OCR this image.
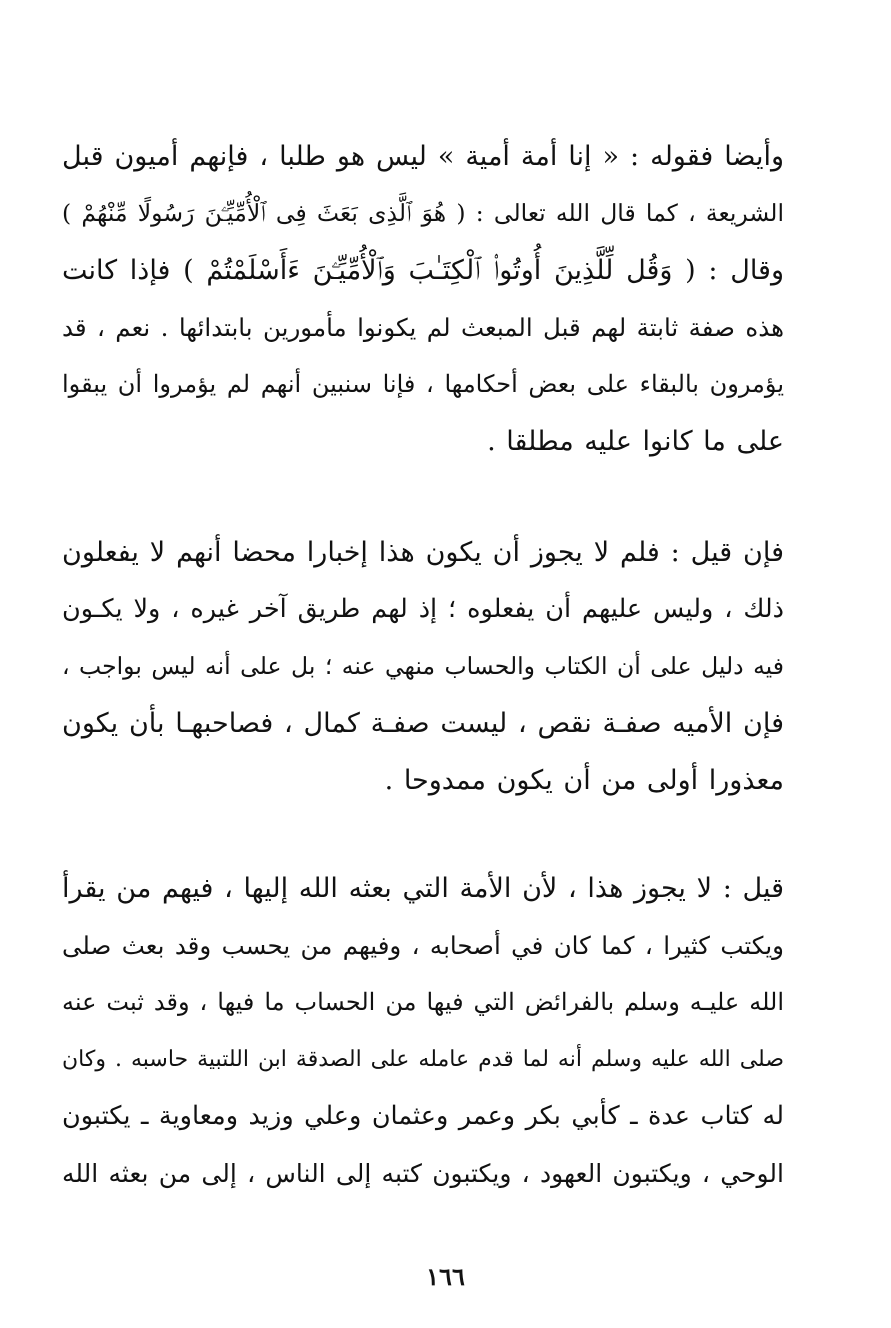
وأيضا فقوله : « إنا أمة أمية » ليس هو طلبا ، فإنهم أميون قبل
الشريعة ، كما قال الله تعالى : ( هُوَ ٱلَّذِى بَعَثَ فِى ٱلْأُمِّيِّـۧنَ رَسُولًا مِّنْهُمْ )
وقال : ( وَقُل لِّلَّذِينَ أُوتُوا۟ ٱلْكِتَـٰبَ وَٱلْأُمِّيِّـۧنَ ءَأَسْلَمْتُمْ ) فإذا كانت
هذه صفة ثابتة لهم قبل المبعث لم يكونوا مأمورين بابتدائها . نعم ، قد
يؤمرون بالبقاء على بعض أحكامها ، فإنا سنبين أنهم لم يؤمروا أن يبقوا
على ما كانوا عليه مطلقا .
فإن قيل : فلم لا يجوز أن يكون هذا إخبارا محضا أنهم لا يفعلون
ذلك ، وليس عليهم أن يفعلوه ؛ إذ لهم طريق آخر غيره ، ولا يكـون
فيه دليل على أن الكتاب والحساب منهي عنه ؛ بل على أنه ليس بواجب ،
فإن الأميه صفـة نقص ، ليست صفـة كمال ، فصاحبهـا بأن يكون
معذورا أولى من أن يكون ممدوحا .
قيل : لا يجوز هذا ، لأن الأمة التي بعثه الله إليها ، فيهم من يقرأ
ويكتب كثيرا ، كما كان في أصحابه ، وفيهم من يحسب وقد بعث صلى
الله عليـه وسلم بالفرائض التي فيها من الحساب ما فيها ، وقد ثبت عنه
صلى الله عليه وسلم أنه لما قدم عامله على الصدقة ابن اللتبية حاسبه . وكان
له كتاب عدة ـ كأبي بكر وعمر وعثمان وعلي وزيد ومعاوية ـ يكتبون
الوحي ، ويكتبون العهود ، ويكتبون كتبه إلى الناس ، إلى من بعثه الله
١٦٦
